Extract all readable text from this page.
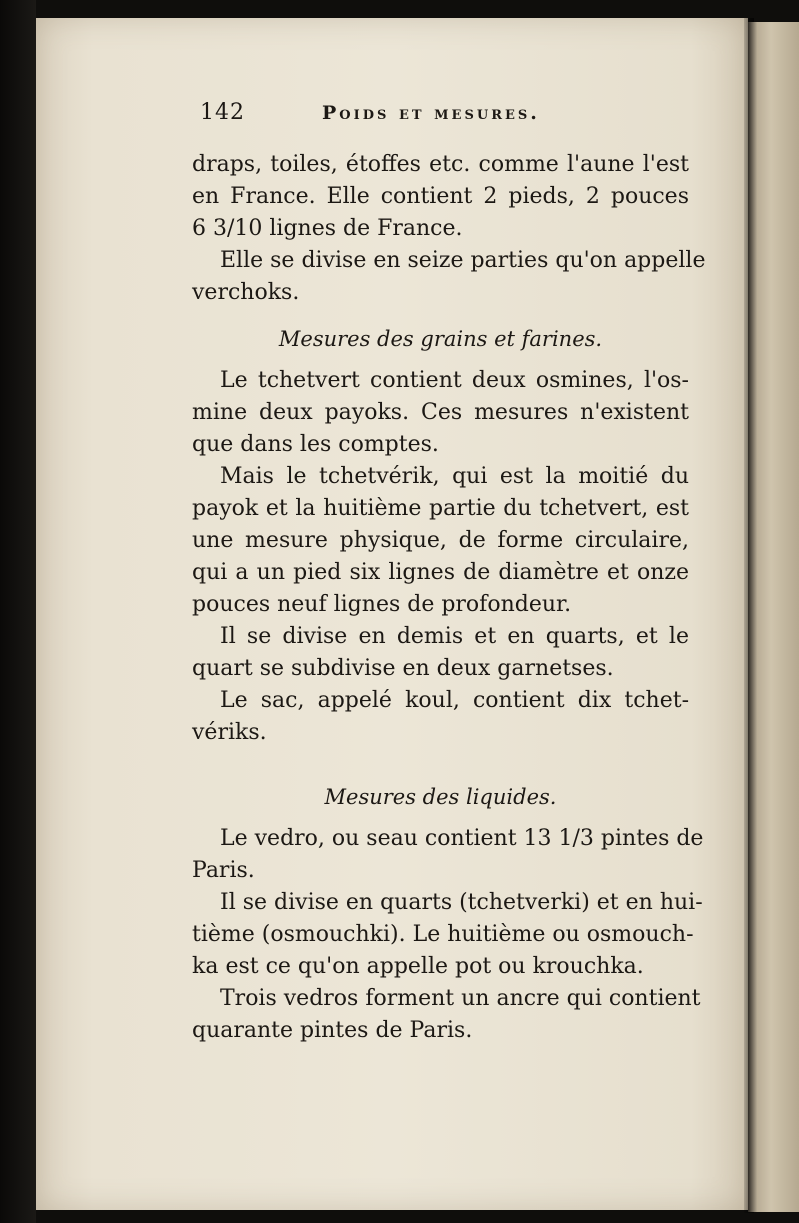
142	Poids et mesures.
draps, toiles, étoffes etc. comme l'aune l'est
en France. Elle contient 2 pieds, 2 pouces
6 3/10 lignes de France.
Elle se divise en seize parties qu'on appelle
verchoks.
Mesures des grains et farines.
Le tchetvert contient deux osmines, l'os-
mine deux payoks. Ces mesures n'existent
que dans les comptes.
Mais le tchetvérik, qui est la moitié du
payok et la huitième partie du tchetvert, est
une mesure physique, de forme circulaire,
qui a un pied six lignes de diamètre et onze
pouces neuf lignes de profondeur.
Il se divise en demis et en quarts, et le
quart se subdivise en deux garnetses.
Le sac, appelé koul, contient dix tchet-
vériks.
Mesures des liquides.
Le vedro, ou seau contient 13 1/3 pintes de
Paris.
Il se divise en quarts (tchetverki) et en hui-
tième (osmouchki). Le huitième ou osmouch-
ka est ce qu'on appelle pot ou krouchka.
Trois vedros forment un ancre qui contient
quarante pintes de Paris.
